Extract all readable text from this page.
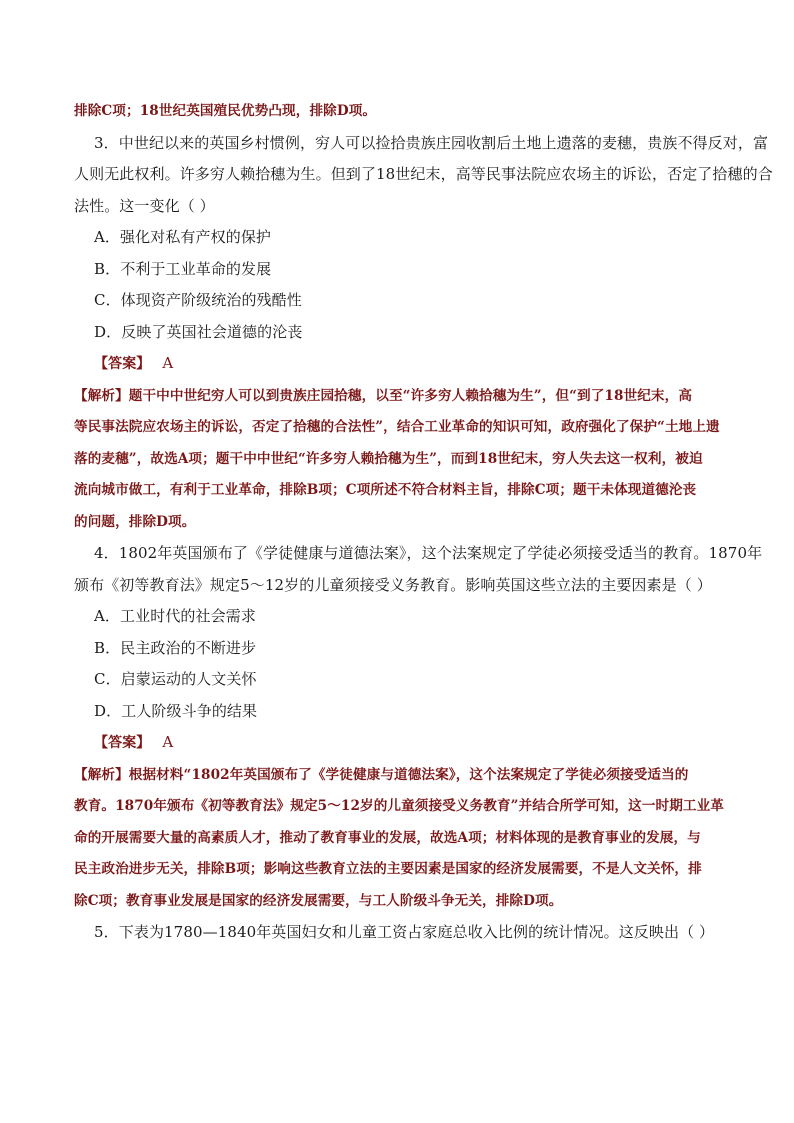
排除C项；18世纪英国殖民优势凸现，排除D项。
3．中世纪以来的英国乡村惯例，穷人可以捡拾贵族庄园收割后土地上遗落的麦穗，贵族不得反对，富
人则无此权利。许多穷人赖拾穗为生。但到了18世纪末，高等民事法院应农场主的诉讼，否定了拾穗的合
法性。这一变化（ ）
A．强化对私有产权的保护
B．不利于工业革命的发展
C．体现资产阶级统治的残酷性
D．反映了英国社会道德的沦丧
【答案】 A
【解析】题干中中世纪穷人可以到贵族庄园拾穗，以至“许多穷人赖拾穗为生”，但“到了18世纪末，高
等民事法院应农场主的诉讼，否定了拾穗的合法性”，结合工业革命的知识可知，政府强化了保护“土地上遗
落的麦穗”，故选A项；题干中中世纪“许多穷人赖拾穗为生”，而到18世纪末，穷人失去这一权利，被迫
流向城市做工，有利于工业革命，排除B项；C项所述不符合材料主旨，排除C项；题干未体现道德沦丧
的问题，排除D项。
4．1802年英国颁布了《学徒健康与道德法案》，这个法案规定了学徒必须接受适当的教育。1870年
颁布《初等教育法》规定5～12岁的儿童须接受义务教育。影响英国这些立法的主要因素是（ ）
A．工业时代的社会需求
B．民主政治的不断进步
C．启蒙运动的人文关怀
D．工人阶级斗争的结果
【答案】 A
【解析】根据材料“1802年英国颁布了《学徒健康与道德法案》，这个法案规定了学徒必须接受适当的
教育。1870年颁布《初等教育法》规定5～12岁的儿童须接受义务教育”并结合所学可知，这一时期工业革
命的开展需要大量的高素质人才，推动了教育事业的发展，故选A项；材料体现的是教育事业的发展，与
民主政治进步无关，排除B项；影响这些教育立法的主要因素是国家的经济发展需要，不是人文关怀，排
除C项；教育事业发展是国家的经济发展需要，与工人阶级斗争无关，排除D项。
5．下表为1780—1840年英国妇女和儿童工资占家庭总收入比例的统计情况。这反映出（ ）
